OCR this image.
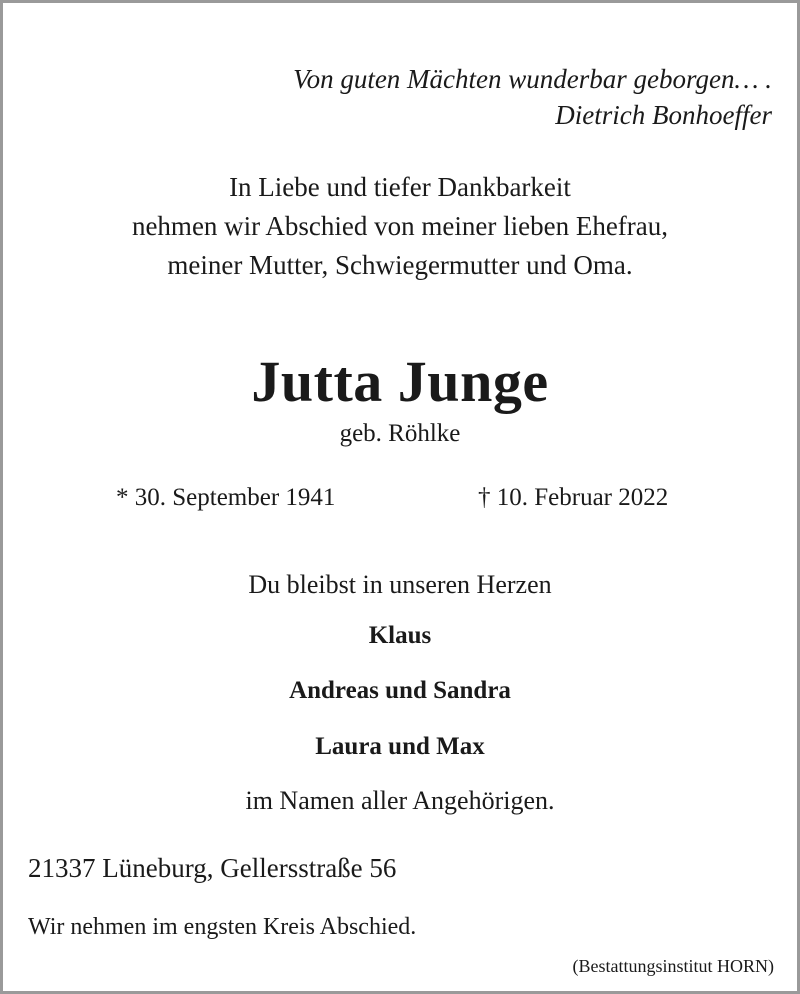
Von guten Mächten wunderbar geborgen… .

Dietrich Bonhoeffer

In Liebe und tiefer Dankbarkeit

nehmen wir Abschied von meiner lieben Ehefrau,

meiner Mutter, Schwiegermutter und Oma.

Jutta Junge

geb. Röhlke

* 30. September 1941	† 10. Februar 2022

Du bleibst in unseren Herzen

Klaus

Andreas und Sandra

Laura und Max

im Namen aller Angehörigen.

21337 Lüneburg, Gellersstraße 56

Wir nehmen im engsten Kreis Abschied.

(Bestattungsinstitut HORN)
